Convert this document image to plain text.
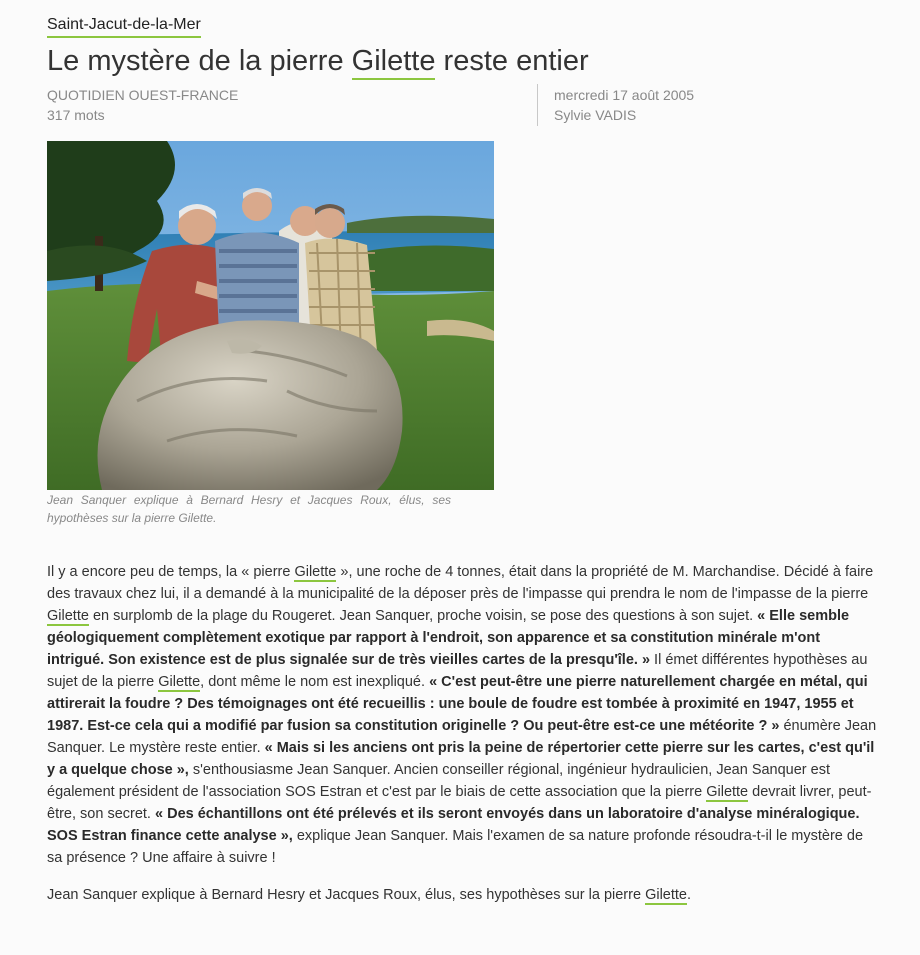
Saint-Jacut-de-la-Mer
Le mystère de la pierre Gilette reste entier
QUOTIDIEN OUEST-FRANCE
317 mots
mercredi 17 août 2005
Sylvie VADIS
Jean Sanquer explique à Bernard Hesry et Jacques Roux, élus, ses hypothèses sur la pierre Gilette.

Il y a encore peu de temps, la « pierre Gilette », une roche de 4 tonnes, était dans la propriété de M. Marchandise. Décidé à faire des travaux chez lui, il a demandé à la municipalité de la déposer près de l'impasse qui prendra le nom de l'impasse de la pierre Gilette en surplomb de la plage du Rougeret. Jean Sanquer, proche voisin, se pose des questions à son sujet. « Elle semble géologiquement complètement exotique par rapport à l'endroit, son apparence et sa constitution minérale m'ont intrigué. Son existence est de plus signalée sur de très vieilles cartes de la presqu'île. » Il émet différentes hypothèses au sujet de la pierre Gilette, dont même le nom est inexpliqué. « C'est peut-être une pierre naturellement chargée en métal, qui attirerait la foudre ? Des témoignages ont été recueillis : une boule de foudre est tombée à proximité en 1947, 1955 et 1987. Est-ce cela qui a modifié par fusion sa constitution originelle ? Ou peut-être est-ce une météorite ? » énumère Jean Sanquer. Le mystère reste entier. « Mais si les anciens ont pris la peine de répertorier cette pierre sur les cartes, c'est qu'il y a quelque chose », s'enthousiasme Jean Sanquer. Ancien conseiller régional, ingénieur hydraulicien, Jean Sanquer est également président de l'association SOS Estran et c'est par le biais de cette association que la pierre Gilette devrait livrer, peut-être, son secret. « Des échantillons ont été prélevés et ils seront envoyés dans un laboratoire d'analyse minéralogique. SOS Estran finance cette analyse », explique Jean Sanquer. Mais l'examen de sa nature profonde résoudra-t-il le mystère de sa présence ? Une affaire à suivre !

Jean Sanquer explique à Bernard Hesry et Jacques Roux, élus, ses hypothèses sur la pierre Gilette.
